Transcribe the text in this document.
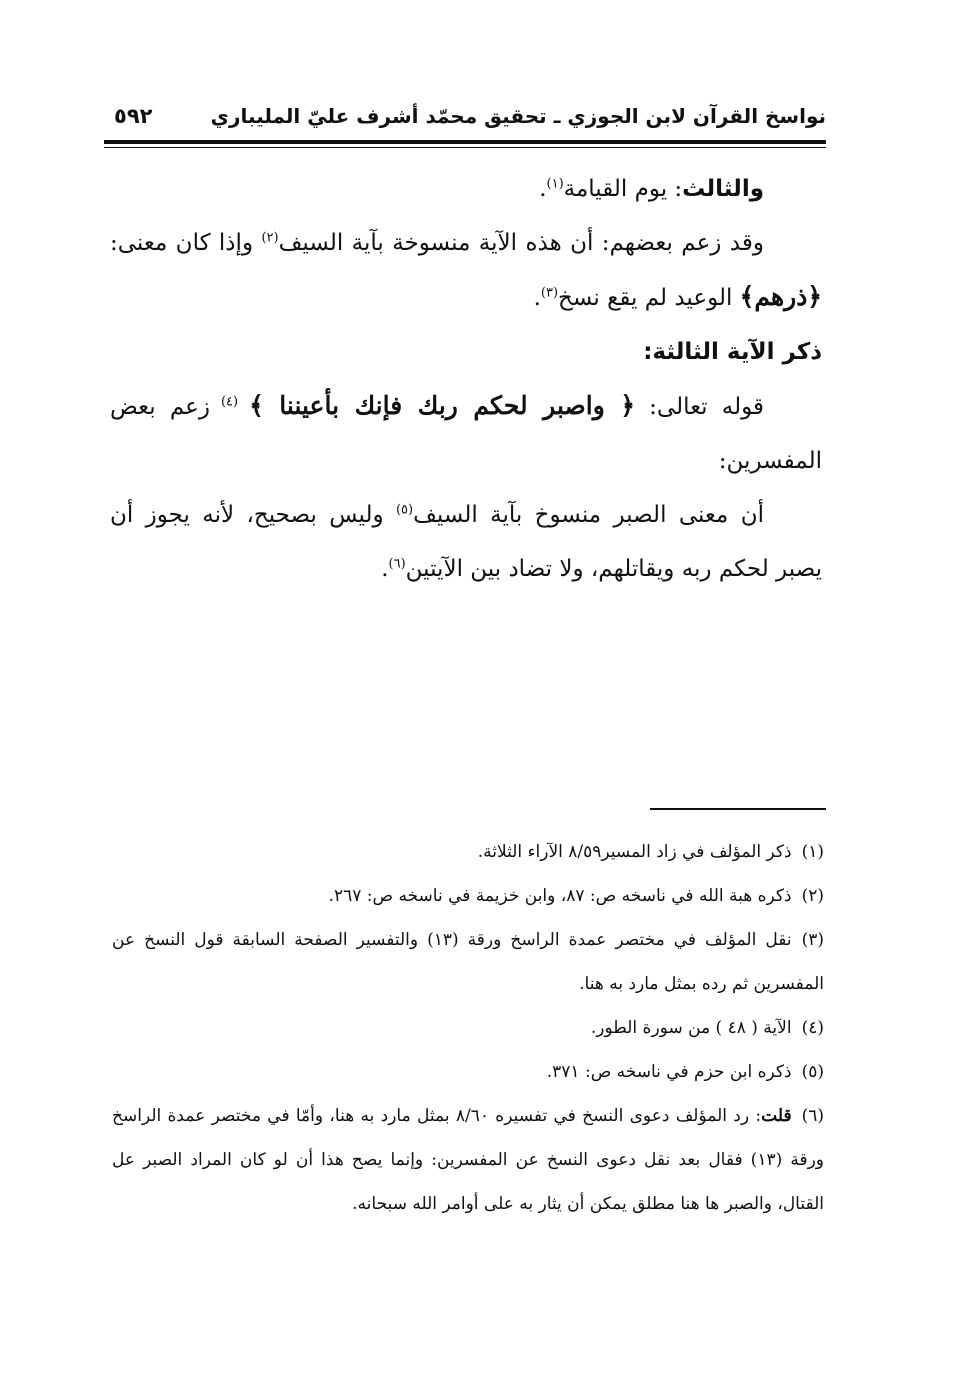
نواسخ القرآن لابن الجوزي ـ تحقيق محمّد أشرف عليّ المليباري
٥٩٢

والثالث: يوم القيامة$^{(١)}$.

وقد زعم بعضهم: أن هذه الآية منسوخة بآية السيف$^{(٢)}$ وإذا كان معنى: ﴿ذرهم﴾ الوعيد لم يقع نسخ$^{(٣)}$.

ذكر الآية الثالثة:

قوله تعالى: ﴿ واصبر لحكم ربك فإنك بأعيننا ﴾ $^{(٤)}$ زعم بعض المفسرين:

أن معنى الصبر منسوخ بآية السيف$^{(٥)}$ وليس بصحيح، لأنه يجوز أن يصبر لحكم ربه ويقاتلهم، ولا تضاد بين الآيتين$^{(٦)}$.

(١)ذكر المؤلف في زاد المسير٨/٥٩ الآراء الثلاثة.

(٢)ذكره هبة الله في ناسخه ص: ٨٧، وابن خزيمة في ناسخه ص: ٢٦٧.

(٣)نقل المؤلف في مختصر عمدة الراسخ ورقة (١٣) والتفسير الصفحة السابقة قول النسخ عن المفسرين ثم رده بمثل مارد به هنا.

(٤)الآية ( ٤٨ ) من سورة الطور.

(٥)ذكره ابن حزم في ناسخه ص: ٣٧١.

(٦)قلت: رد المؤلف دعوى النسخ في تفسيره ٨/٦٠ بمثل مارد به هنا، وأمّا في مختصر عمدة الراسخ ورقة (١٣) فقال بعد نقل دعوى النسخ عن المفسرين: وإنما يصح هذا أن لو كان المراد الصبر عل القتال، والصبر ها هنا مطلق يمكن أن يثار به على أوامر الله سبحانه.
